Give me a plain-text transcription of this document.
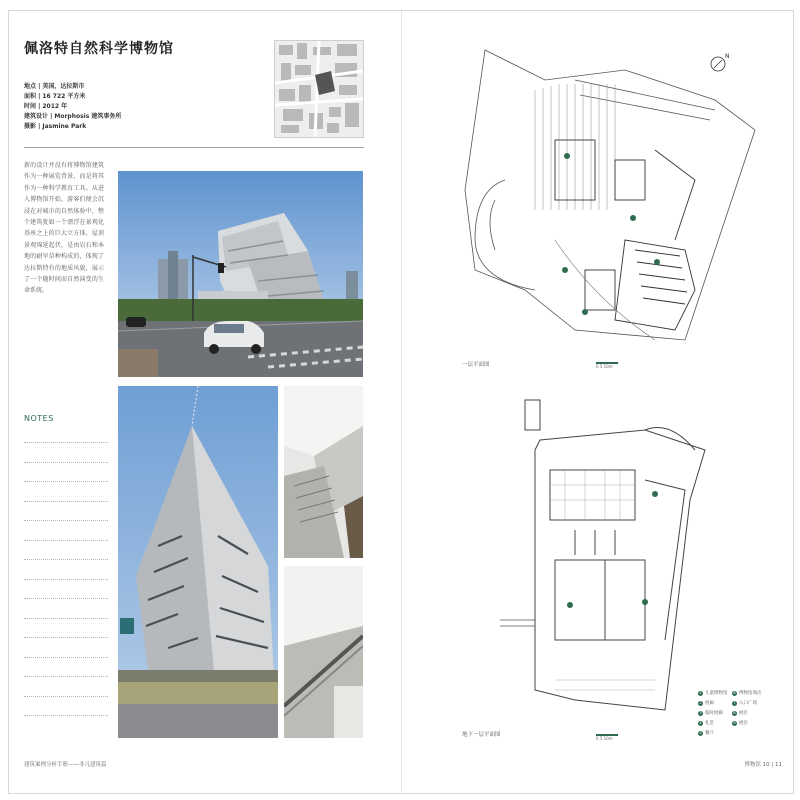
佩洛特自然科学博物馆
地点 | 美国，达拉斯市
面积 | 16 722 平方米
时间 | 2012 年
建筑设计 | Morphosis 建筑事务所
摄影 | Jasmine Park
新的设计并没有将博物馆建筑作为一种展览背景，而是将其作为一种科学教育工具。从进入博物馆开始，游客们便会沉浸在对城市的自然体验中，整个建筑犹如一个漂浮在景观化基座之上的巨大立方体，屋顶景观绵延起伏，是由岩石和本地的耐旱草种构成的，体现了达拉斯特有的地质风貌，展示了一个随时间而自然演变的生命系统。
NOTES
建筑案例分析手册——非凡建筑篇
N
一层平面图	0 5 10m
地下一层平面图
0 5 10m
1 儿童博物馆
2 展廊
3 临时展廊
4 礼堂
5 餐厅
6 博物馆商店
7 入口广场
8 展区
9 展区
博物馆 10 | 11
